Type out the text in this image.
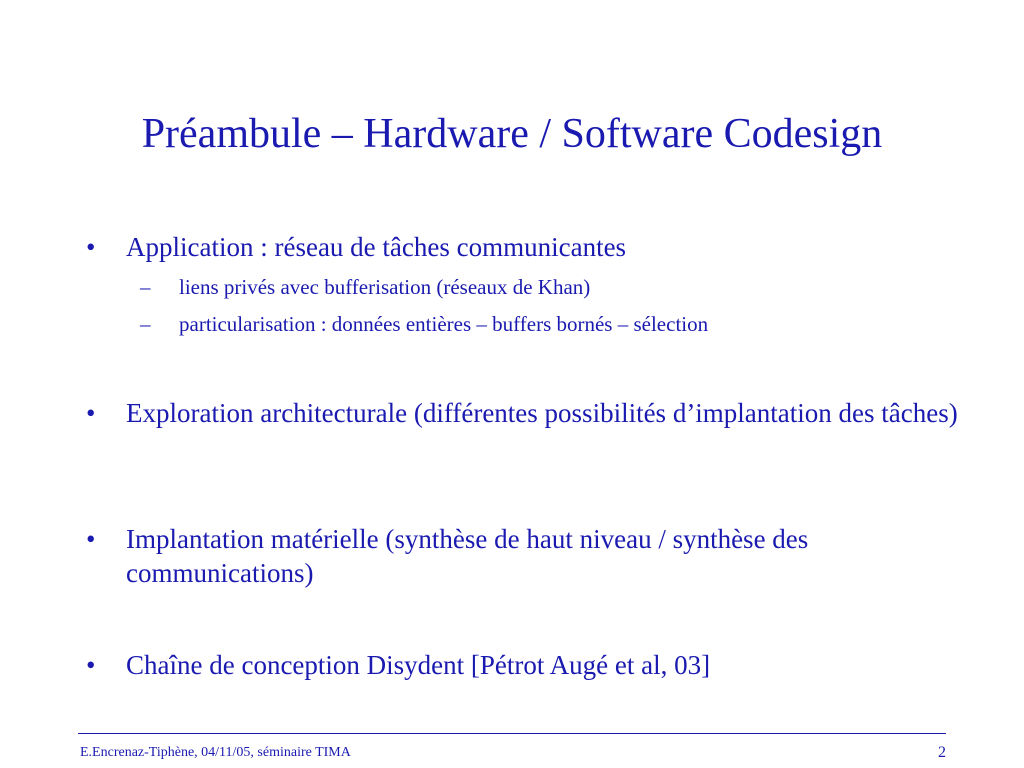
Préambule – Hardware / Software Codesign
•	Application : réseau de tâches communicantes
– liens privés avec bufferisation (réseaux de Khan)
– particularisation : données entières – buffers bornés – sélection
•	Exploration architecturale (différentes possibilités d’implantation des tâches)
•	Implantation matérielle (synthèse de haut niveau / synthèse des communications)
•	Chaîne de conception Disydent [Pétrot Augé et al, 03]
E.Encrenaz-Tiphène, 04/11/05, séminaire TIMA	2
